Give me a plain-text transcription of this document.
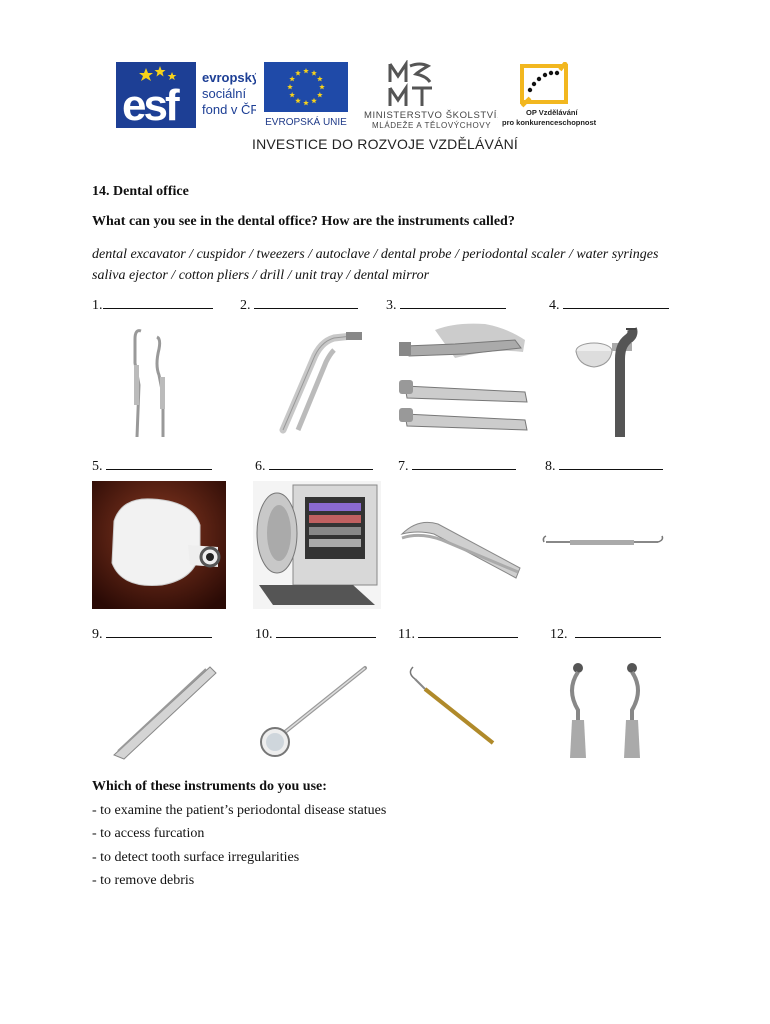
esf
evropský
sociální
fond v ČR
EVROPSKÁ UNIE
MINISTERSTVO ŠKOLSTVÍ,
MLÁDEŽE A TĚLOVÝCHOVY
OP Vzdělávání
pro konkurenceschopnost
INVESTICE DO ROZVOJE VZDĚLÁVÁNÍ
14. Dental office
What can you see in the dental office? How are the instruments called?
dental excavator / cuspidor / tweezers / autoclave / dental probe / periodontal scaler / water syringes saliva ejector / cotton pliers / drill / unit tray / dental mirror
1.	2.	3.	4.
5.	6.	7.	8.
9.	10.	11.	12.
Which of these instruments do you use:
- to examine the patient’s periodontal disease statues
- to access furcation
- to detect tooth surface irregularities
- to remove debris
